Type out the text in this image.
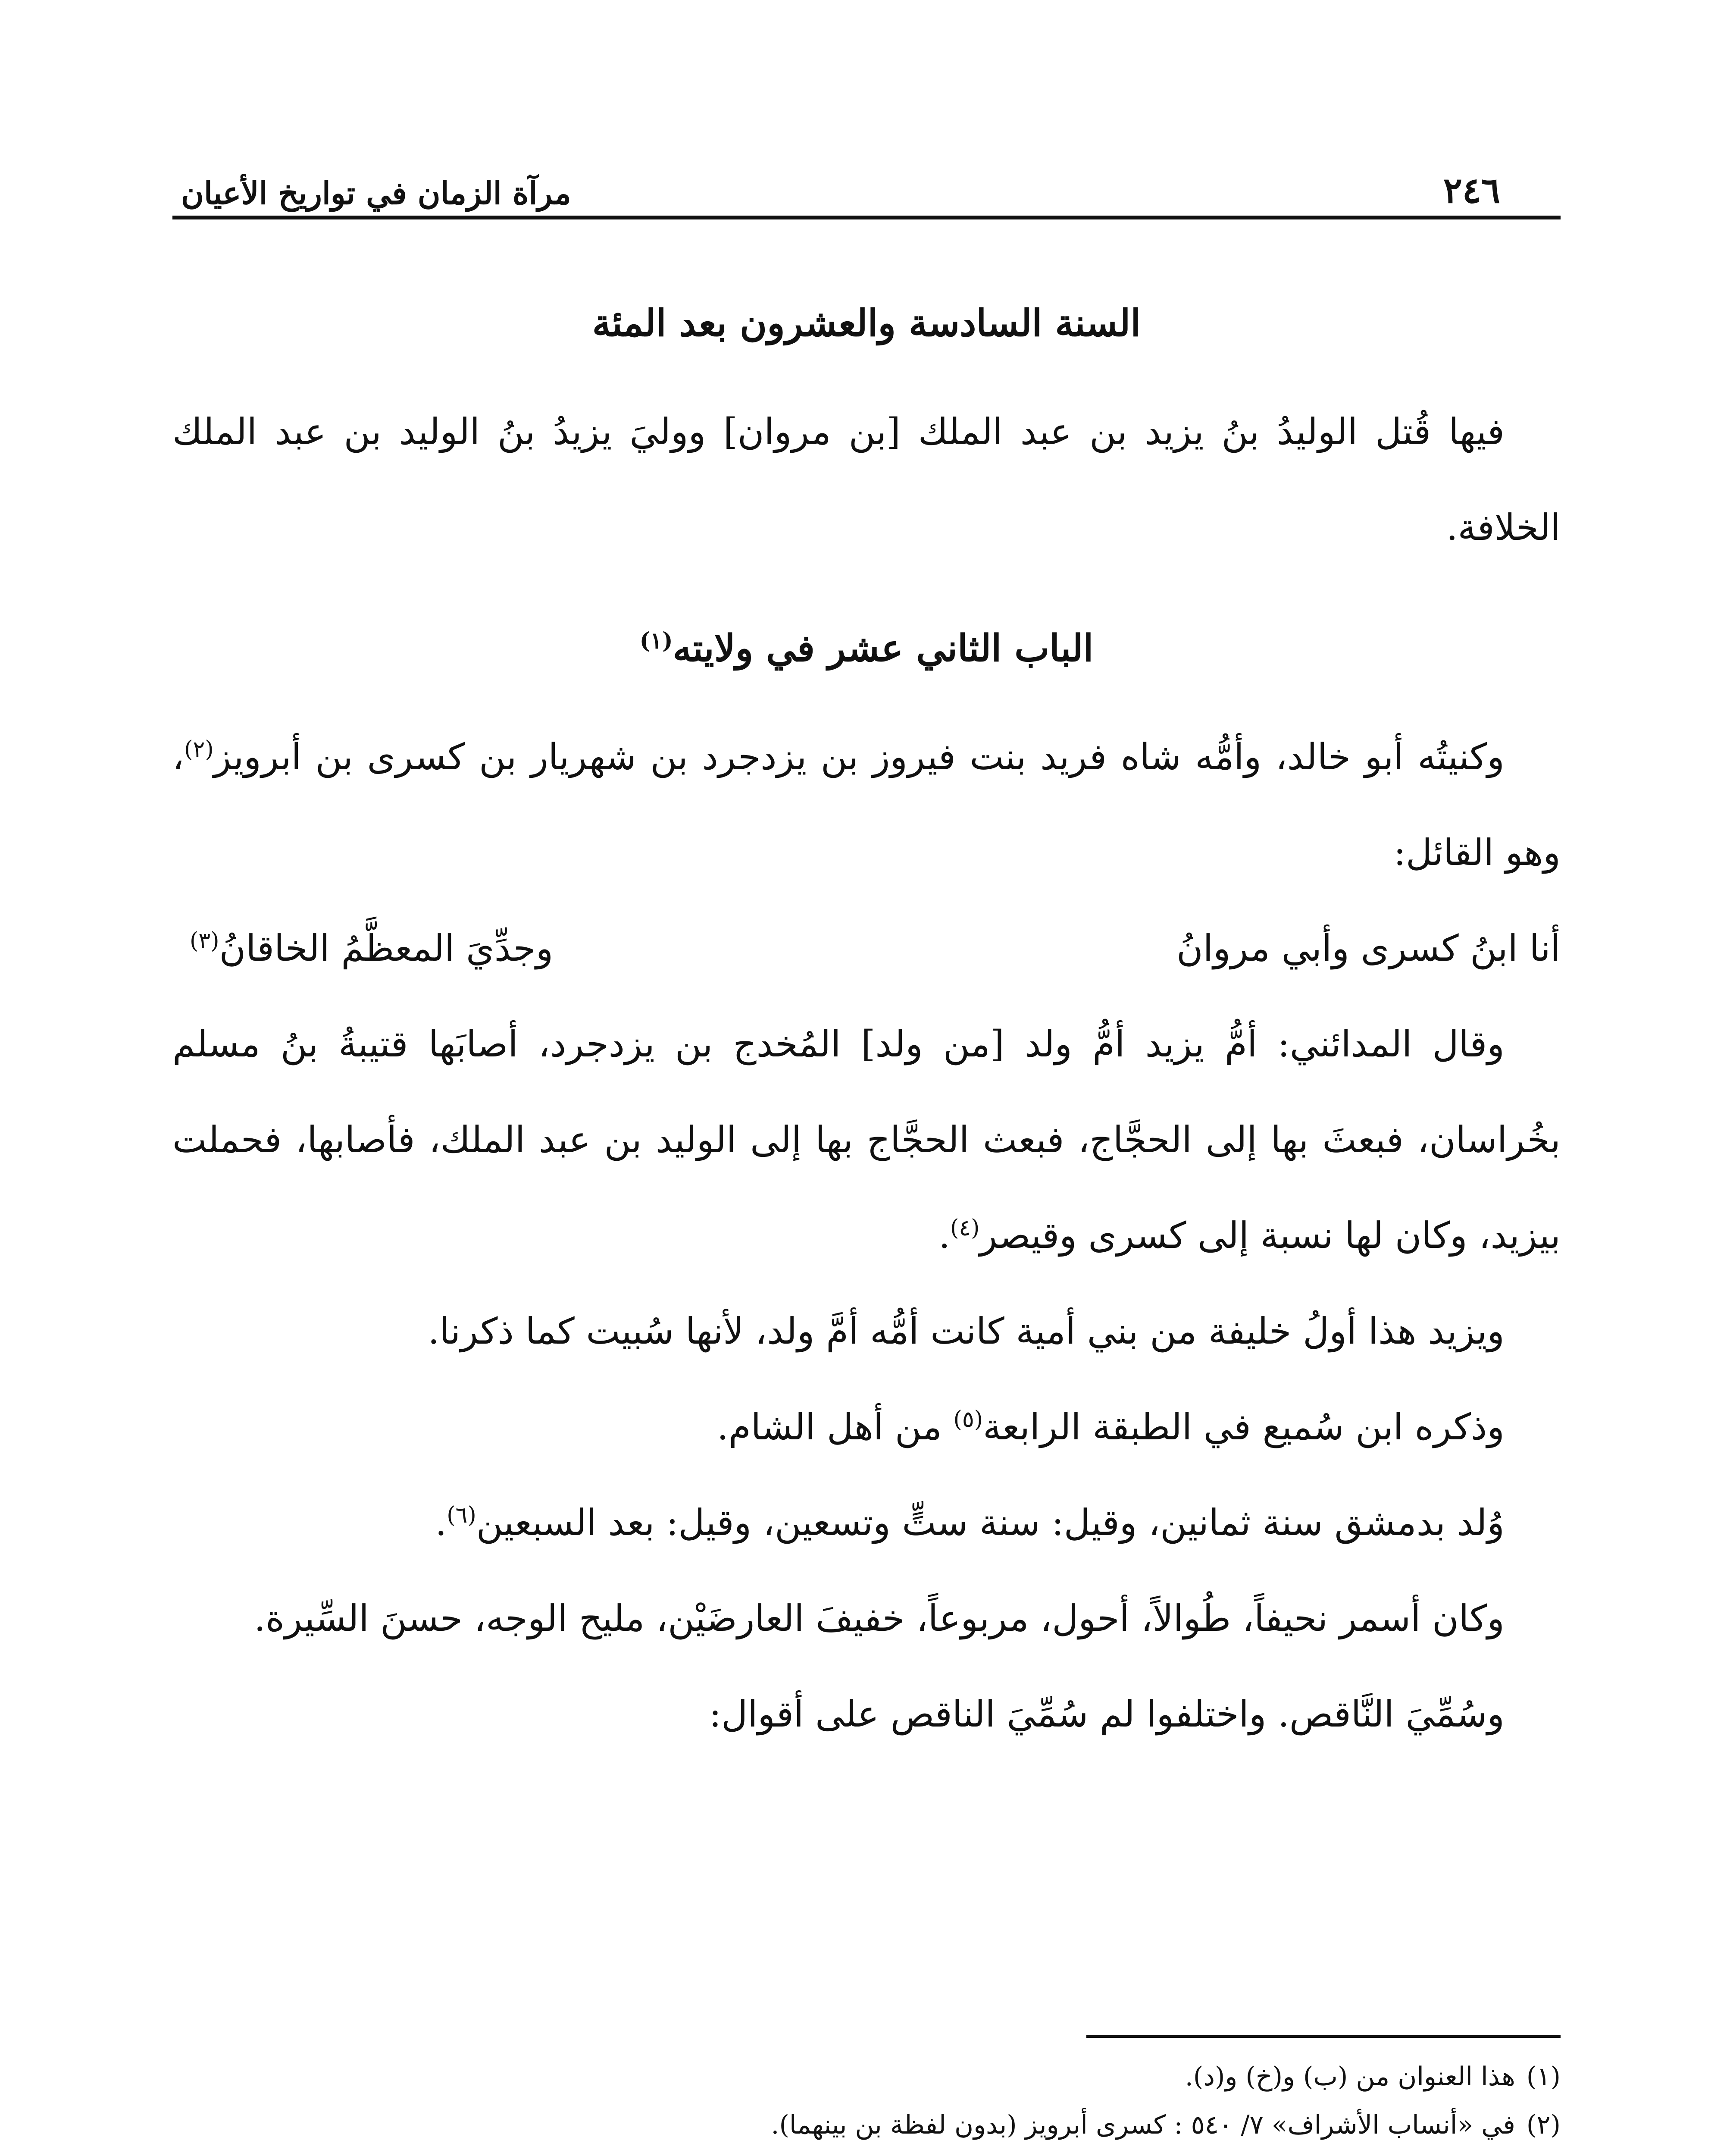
٢٤٦
مرآة الزمان في تواريخ الأعيان
السنة السادسة والعشرون بعد المئة

فيها قُتل الوليدُ بنُ يزيد بن عبد الملك [بن مروان] ووليَ يزيدُ بنُ الوليد بن عبد الملك الخلافة.

الباب الثاني عشر في ولايته$^{(١)}$

وكنيتُه أبو خالد، وأمُّه شاه فريد بنت فيروز بن يزدجرد بن شهريار بن كسرى بن أبرويز$^{(٢)}$، وهو القائل:

أنا ابنُ كسرى وأبي مروانُ
وجدِّيَ المعظَّمُ الخاقانُ$^{(٣)}$

وقال المدائني: أمُّ يزيد أمُّ ولد [من ولد] المُخدج بن يزدجرد، أصابَها قتيبةُ بنُ مسلم بخُراسان، فبعثَ بها إلى الحجَّاج، فبعث الحجَّاج بها إلى الوليد بن عبد الملك، فأصابها، فحملت بيزيد، وكان لها نسبة إلى كسرى وقيصر$^{(٤)}$.

ويزيد هذا أولُ خليفة من بني أمية كانت أمُّه أمَّ ولد، لأنها سُبيت كما ذكرنا.

وذكره ابن سُميع في الطبقة الرابعة$^{(٥)}$ من أهل الشام.

وُلد بدمشق سنة ثمانين، وقيل: سنة ستٍّ وتسعين، وقيل: بعد السبعين$^{(٦)}$.

وكان أسمر نحيفاً، طُوالاً، أحول، مربوعاً، خفيفَ العارضَيْن، مليح الوجه، حسنَ السِّيرة.

وسُمِّيَ النَّاقص. واختلفوا لم سُمِّيَ الناقص على أقوال:

(١)هذا العنوان من (ب) و(خ) و(د).

(٢)في «أنساب الأشراف» ٧/ ٥٤٠ : كسرى أبرويز (بدون لفظة بن بينهما).
